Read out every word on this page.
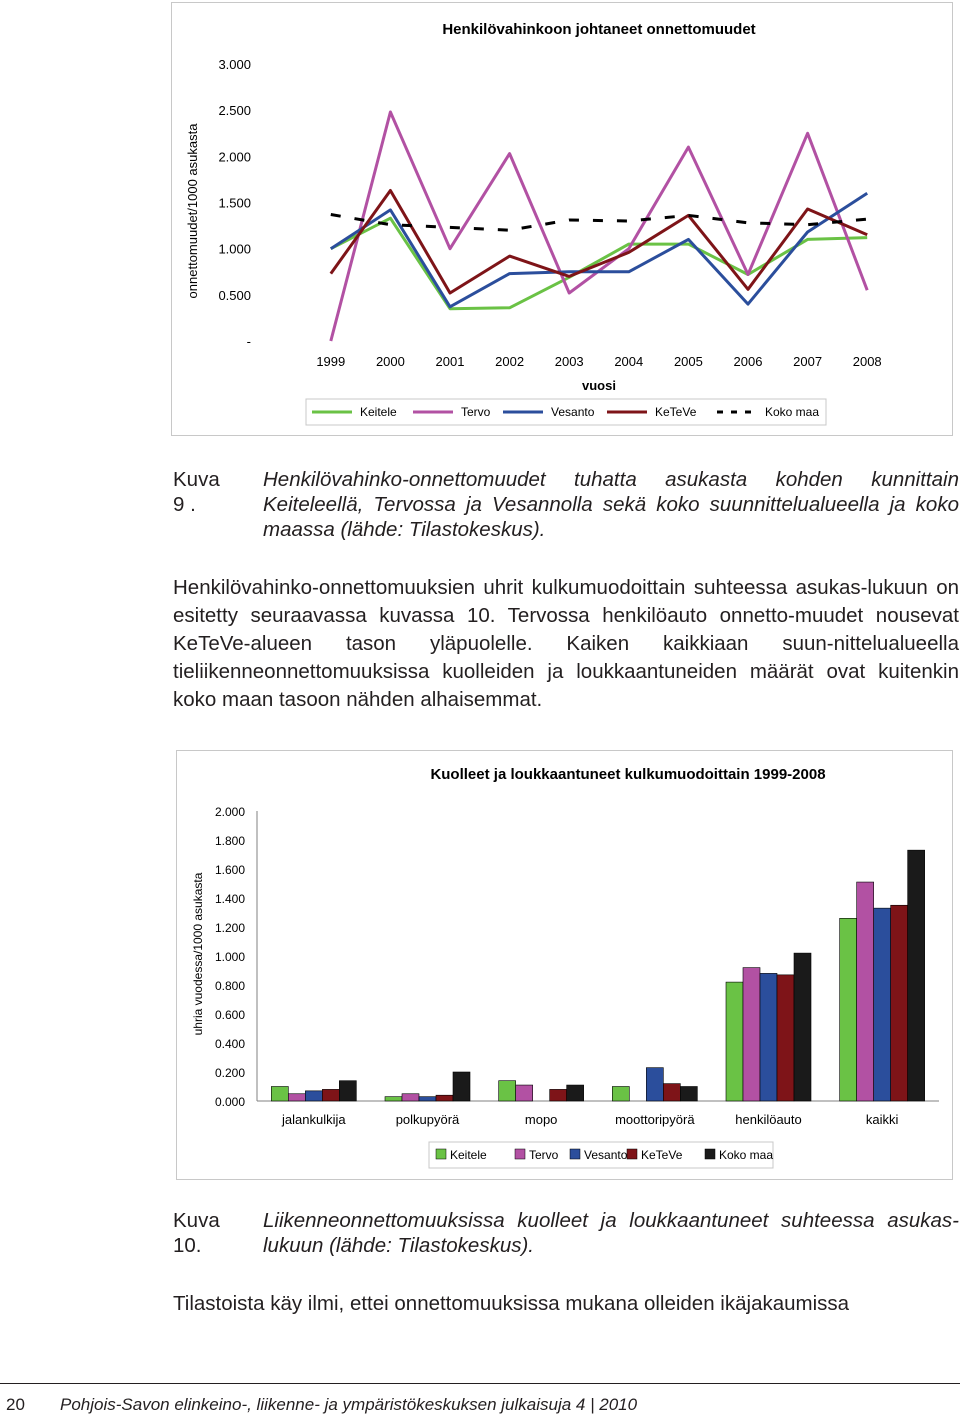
Henkilövahinkoon johtaneet onnettomuudet
-
0.500
1.000
1.500
2.000
2.500
3.000
1999 2000 2001 2002 2003 2004 2005 2006 2007 2008
vuosi
onnettomuudet/1000 asukasta
Keitele	Tervo	Vesanto	KeTeVe	Koko maa
Kuva 9 .
Henkilövahinko-onnettomuudet tuhatta asukasta kohden kunnittain Keiteleellä, Tervossa ja Vesannolla sekä koko suunnittelualueella ja koko maassa (lähde: Tilastokeskus).
Henkilövahinko-onnettomuuksien uhrit kulkumuodoittain suhteessa asukas-lukuun on esitetty seuraavassa kuvassa 10. Tervossa henkilöauto onnetto-muudet nousevat KeTeVe-alueen tason yläpuolelle. Kaiken kaikkiaan suun-nittelualueella tieliikenneonnettomuuksissa kuolleiden ja loukkaantuneiden määrät ovat kuitenkin koko maan tasoon nähden alhaisemmat.
Kuolleet ja loukkaantuneet kulkumuodoittain 1999-2008
0.000
0.200
0.400
0.600
0.800
1.000
1.200
1.400
1.600
1.800
2.000
uhria vuodessa/1000 asukasta
jalankulkija	polkupyörä	mopo	moottoripyörä	henkilöauto	kaikki
Keitele	Tervo Vesanto KeTeVe	Koko maa
Kuva 10.
Liikenneonnettomuuksissa kuolleet ja loukkaantuneet suhteessa asukas-lukuun (lähde: Tilastokeskus).
Tilastoista käy ilmi, ettei onnettomuuksissa mukana olleiden ikäjakaumissa
20 Pohjois-Savon elinkeino-, liikenne- ja ympäristökeskuksen julkaisuja 4 | 2010
